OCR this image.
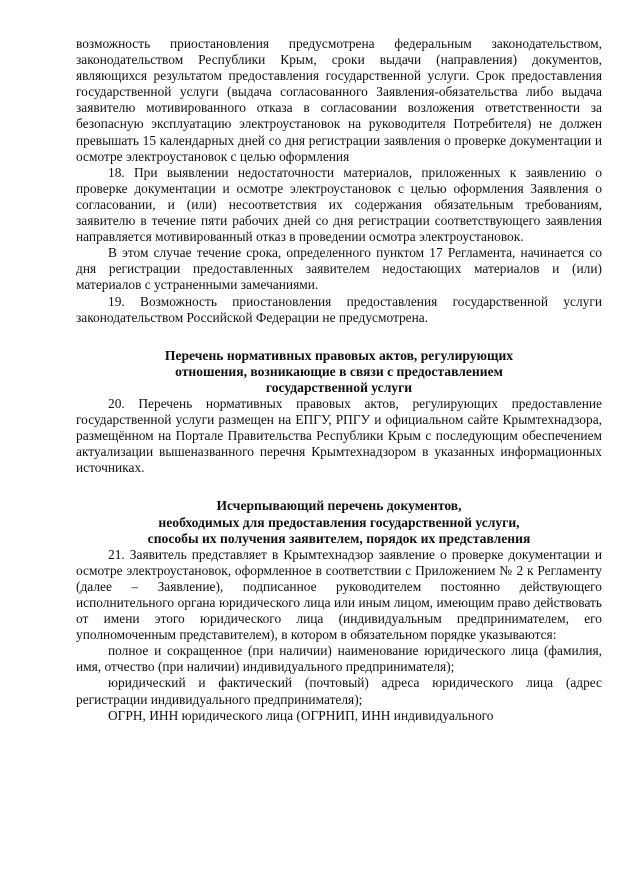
возможность приостановления предусмотрена федеральным законодательством, законодательством Республики Крым, сроки выдачи (направления) документов, являющихся результатом предоставления государственной услуги. Срок предоставления государственной услуги (выдача согласованного Заявления-обязательства либо выдача заявителю мотивированного отказа в согласовании возложения ответственности за безопасную эксплуатацию электроустановок на руководителя Потребителя) не должен превышать 15 календарных дней со дня регистрации заявления о проверке документации и осмотре электроустановок с целью оформления

18. При выявлении недостаточности материалов, приложенных к заявлению о проверке документации и осмотре электроустановок с целью оформления Заявления о согласовании, и (или) несоответствия их содержания обязательным требованиям, заявителю в течение пяти рабочих дней со дня регистрации соответствующего заявления направляется мотивированный отказ в проведении осмотра электроустановок.

В этом случае течение срока, определенного пунктом 17 Регламента, начинается со дня регистрации предоставленных заявителем недостающих материалов и (или) материалов с устраненными замечаниями.

19. Возможность приостановления предоставления государственной услуги законодательством Российской Федерации не предусмотрена.

Перечень нормативных правовых актов, регулирующих
отношения, возникающие в связи с предоставлением
государственной услуги

20. Перечень нормативных правовых актов, регулирующих предоставление государственной услуги размещен на ЕПГУ, РПГУ и официальном сайте Крымтехнадзора, размещённом на Портале Правительства Республики Крым с последующим обеспечением актуализации вышеназванного перечня Крымтехнадзором в указанных информационных источниках.

Исчерпывающий перечень документов,
необходимых для предоставления государственной услуги,
способы их получения заявителем, порядок их представления

21. Заявитель представляет в Крымтехнадзор заявление о проверке документации и осмотре электроустановок, оформленное в соответствии с Приложением № 2 к Регламенту (далее – Заявление), подписанное руководителем постоянно действующего исполнительного органа юридического лица или иным лицом, имеющим право действовать от имени этого юридического лица (индивидуальным предпринимателем, его уполномоченным представителем), в котором в обязательном порядке указываются:

полное и сокращенное (при наличии) наименование юридического лица (фамилия, имя, отчество (при наличии) индивидуального предпринимателя);

юридический и фактический (почтовый) адреса юридического лица (адрес регистрации индивидуального предпринимателя);

ОГРН, ИНН юридического лица (ОГРНИП, ИНН индивидуального
